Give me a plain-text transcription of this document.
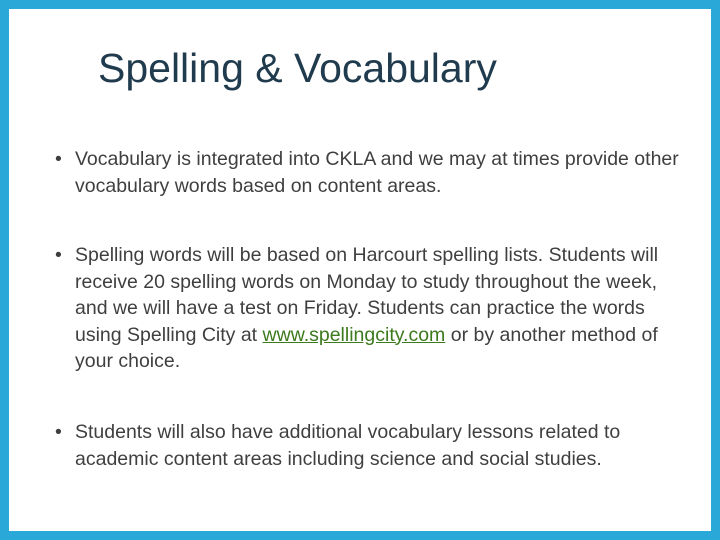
Spelling & Vocabulary
• Vocabulary is integrated into CKLA and we may at times provide other vocabulary words based on content areas.
• Spelling words will be based on Harcourt spelling lists. Students will receive 20 spelling words on Monday to study throughout the week, and we will have a test on Friday. Students can practice the words using Spelling City at www.spellingcity.com or by another method of your choice.
• Students will also have additional vocabulary lessons related to academic content areas including science and social studies.
